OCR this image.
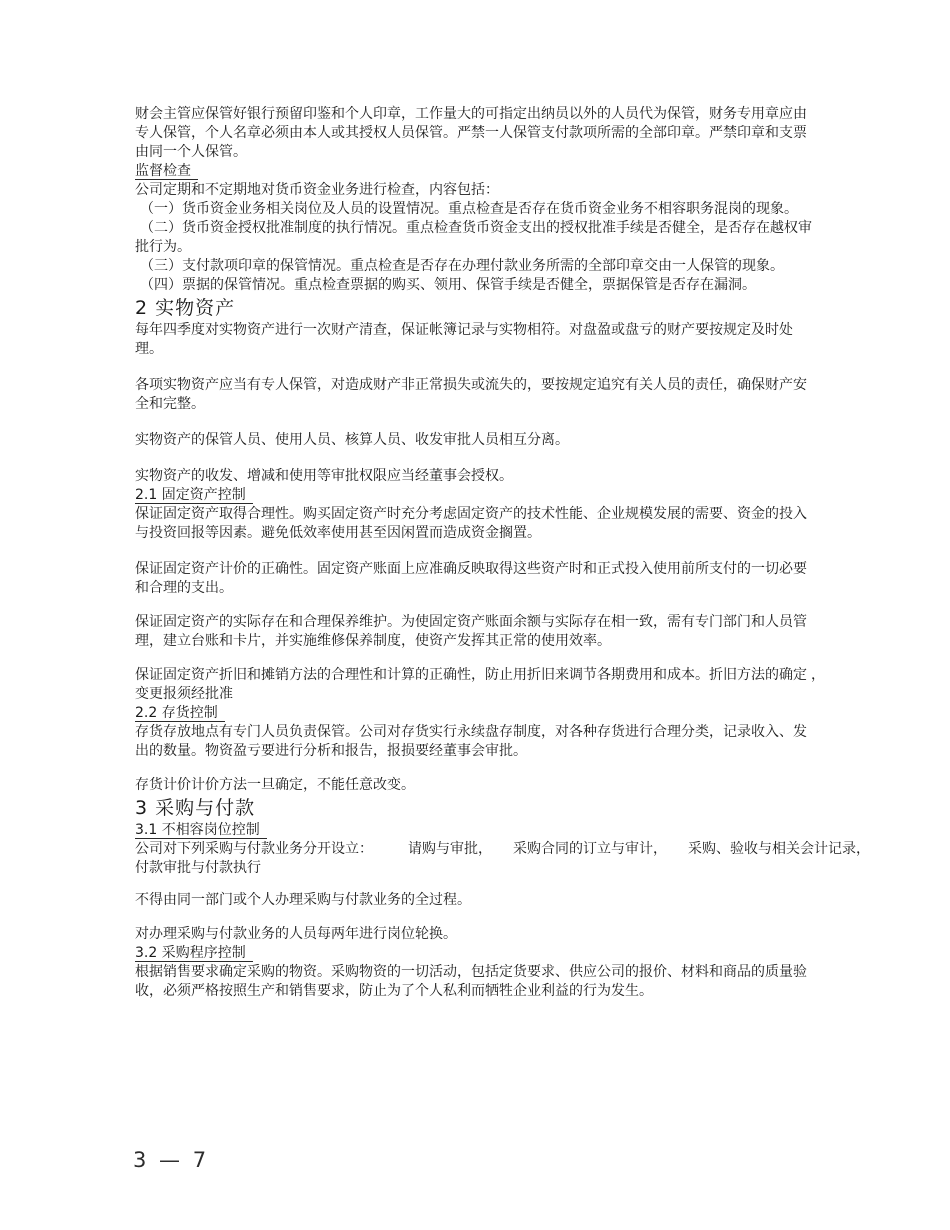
财会主管应保管好银行预留印鉴和个人印章，工作量大的可指定出纳员以外的人员代为保管，财务专用章应由专人保管，个人名章必须由本人或其授权人员保管。严禁一人保管支付款项所需的全部印章。严禁印章和支票由同一个人保管。

监督检查

公司定期和不定期地对货币资金业务进行检查，内容包括：

（一）货币资金业务相关岗位及人员的设置情况。重点检查是否存在货币资金业务不相容职务混岗的现象。

（二）货币资金授权批准制度的执行情况。重点检查货币资金支出的授权批准手续是否健全，是否存在越权审批行为。

（三）支付款项印章的保管情况。重点检查是否存在办理付款业务所需的全部印章交由一人保管的现象。

（四）票据的保管情况。重点检查票据的购买、领用、保管手续是否健全，票据保管是否存在漏洞。

2 实物资产

每年四季度对实物资产进行一次财产清查，保证帐簿记录与实物相符。对盘盈或盘亏的财产要按规定及时处理。

各项实物资产应当有专人保管，对造成财产非正常损失或流失的，要按规定追究有关人员的责任，确保财产安全和完整。

实物资产的保管人员、使用人员、核算人员、收发审批人员相互分离。

实物资产的收发、增减和使用等审批权限应当经董事会授权。

2.1 固定资产控制

保证固定资产取得合理性。购买固定资产时充分考虑固定资产的技术性能、企业规模发展的需要、资金的投入与投资回报等因素。避免低效率使用甚至因闲置而造成资金搁置。

保证固定资产计价的正确性。固定资产账面上应准确反映取得这些资产时和正式投入使用前所支付的一切必要和合理的支出。

保证固定资产的实际存在和合理保养维护。为使固定资产账面余额与实际存在相一致，需有专门部门和人员管理，建立台账和卡片，并实施维修保养制度，使资产发挥其正常的使用效率。

保证固定资产折旧和摊销方法的合理性和计算的正确性，防止用折旧来调节各期费用和成本。折旧方法的确定 ，
变更报须经批准
2.2 存货控制

存货存放地点有专门人员负责保管。公司对存货实行永续盘存制度，对各种存货进行合理分类，记录收入、发出的数量。物资盈亏要进行分析和报告，报损要经董事会审批。

存货计价计价方法一旦确定，不能任意改变。

3 采购与付款
3.1 不相容岗位控制
公司对下列采购与付款业务分开设立：　　　请购与审批，　　采购合同的订立与审计，　　采购、验收与相关会计记录，
付款审批与付款执行

不得由同一部门或个人办理采购与付款业务的全过程。

对办理采购与付款业务的人员每两年进行岗位轮换。

3.2 采购程序控制

根据销售要求确定采购的物资。采购物资的一切活动，包括定货要求、供应公司的报价、材料和商品的质量验收，必须严格按照生产和销售要求，防止为了个人私利而牺牲企业利益的行为发生。

3 — 7
